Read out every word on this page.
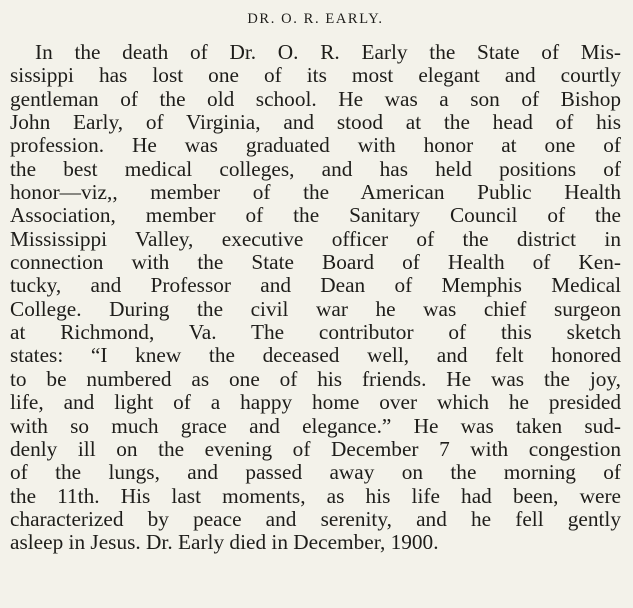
DR. O. R. EARLY.
In the death of Dr. O. R. Early the State of Mis-
sissippi has lost one of its most elegant and courtly
gentleman of the old school. He was a son of Bishop
John Early, of Virginia, and stood at the head of his
profession. He was graduated with honor at one of
the best medical colleges, and has held positions of
honor—viz,, member of the American Public Health
Association, member of the Sanitary Council of the
Mississippi Valley, executive officer of the district in
connection with the State Board of Health of Ken-
tucky, and Professor and Dean of Memphis Medical
College. During the civil war he was chief surgeon
at Richmond, Va. The contributor of this sketch
states: “I knew the deceased well, and felt honored
to be numbered as one of his friends. He was the joy,
life, and light of a happy home over which he presided
with so much grace and elegance.” He was taken sud-
denly ill on the evening of December 7 with congestion
of the lungs, and passed away on the morning of
the 11th. His last moments, as his life had been, were
characterized by peace and serenity, and he fell gently
asleep in Jesus. Dr. Early died in December, 1900.
